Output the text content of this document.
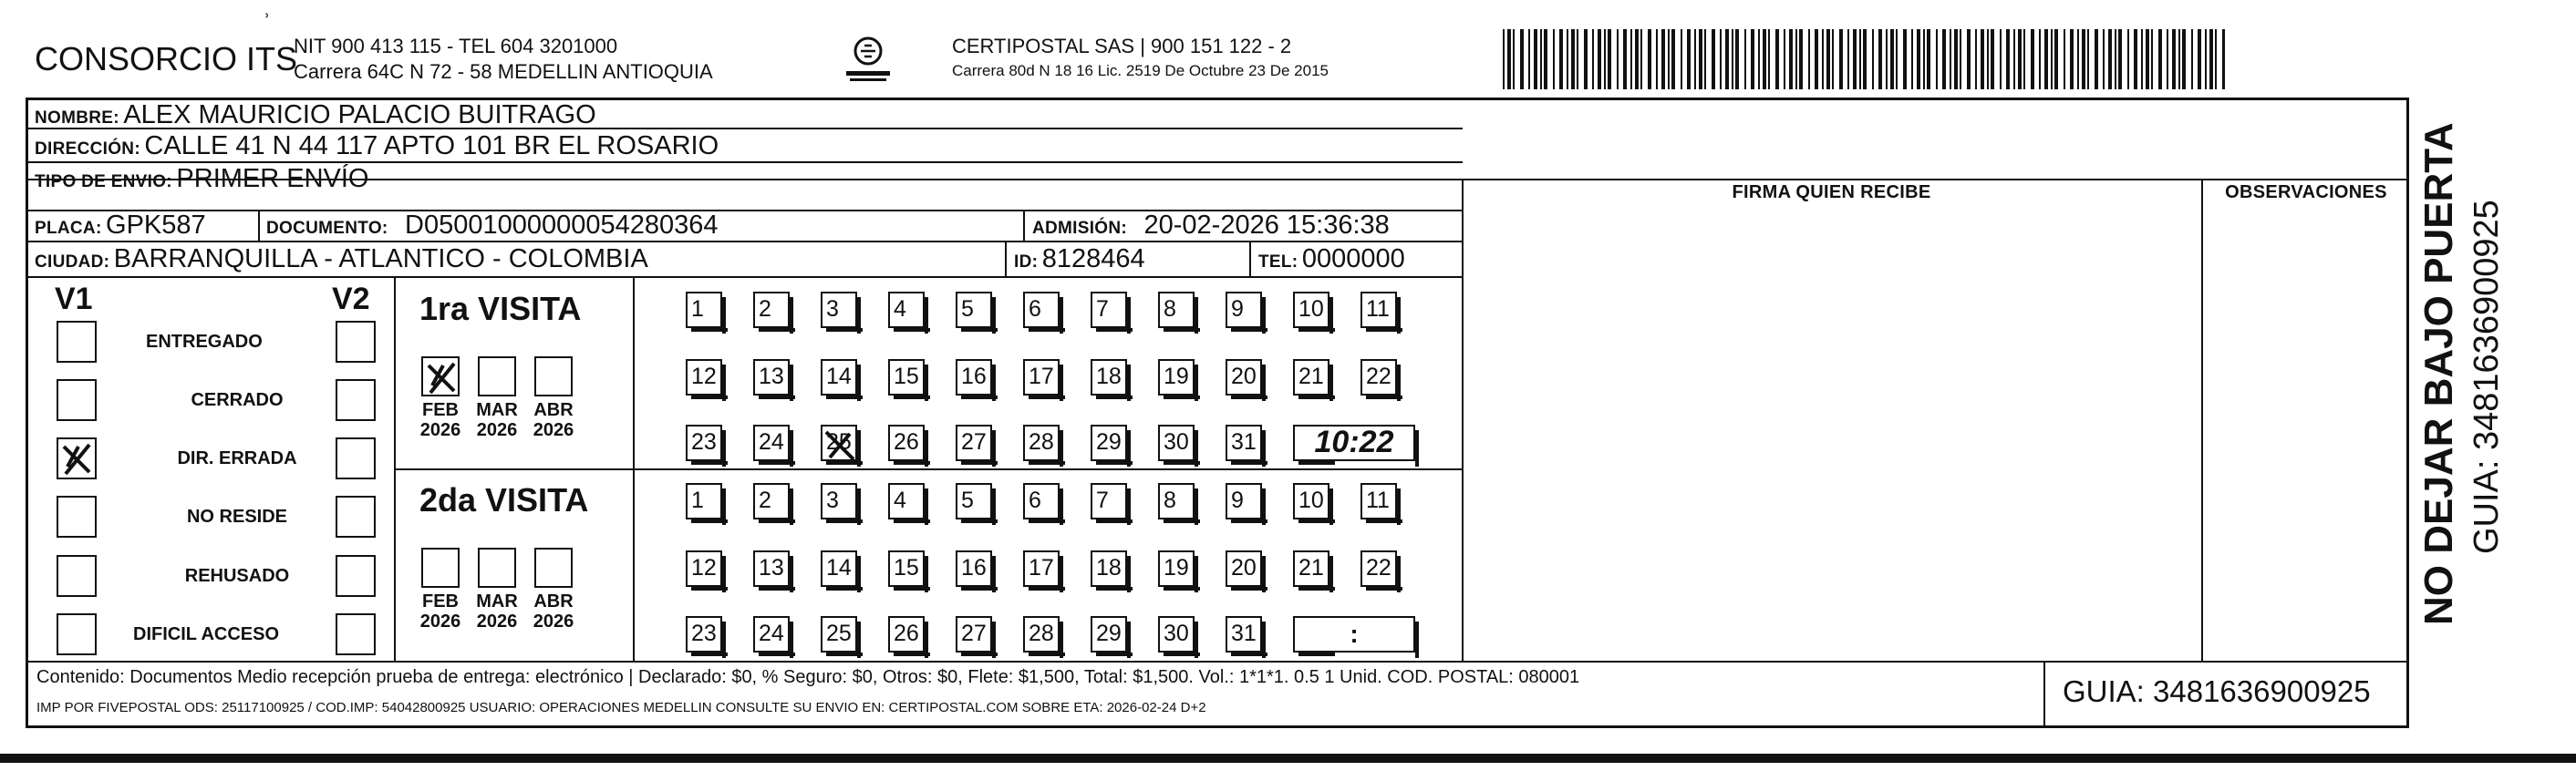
CONSORCIO ITS
ʾ
NIT 900 413 115 - TEL 604 3201000
Carrera 64C N 72 - 58 MEDELLIN ANTIOQUIA
CERTIPOSTAL SAS | 900 151 122 - 2
Carrera 80d N 18 16 Lic. 2519 De Octubre 23 De 2015
NOMBRE: ALEX MAURICIO PALACIO BUITRAGO
DIRECCIÓN: CALLE 41 N 44 117 APTO 101 BR EL ROSARIO
TIPO DE ENVIO: PRIMER ENVÍO
PLACA: GPK587	DOCUMENTO: D05001000000054280364	ADMISIÓN: 20-02-2026 15:36:38
CIUDAD: BARRANQUILLA - ATLANTICO - COLOMBIA	ID: 8128464	TEL: 0000000
FIRMA QUIEN RECIBE	OBSERVACIONES
V1	V2
ENTREGADO
CERRADO
DIR. ERRADA
NO RESIDE
REHUSADO
DIFICIL ACCESO
1ra VISITA
2da VISITA
FEB
2026
MAR
2026
ABR
2026
FEB
2026
MAR
2026
ABR
2026
1	2	3	4	5	6	7	8	9	10 11
12 13 14 15 16 17 18 19 20 21 22
23 24 25 26 27 28 29 30 31	10:22
1	2	3	4	5	6	7	8	9	10 11
12 13 14 15 16 17 18 19 20 21 22
23 24 25 26 27 28 29 30 31	:
Contenido: Documentos Medio recepción prueba de entrega: electrónico | Declarado: $0, % Seguro: $0, Otros: $0, Flete: $1,500, Total: $1,500. Vol.: 1*1*1. 0.5 1 Unid. COD. POSTAL: 080001
IMP POR FIVEPOSTAL ODS: 25117100925 / COD.IMP: 54042800925 USUARIO: OPERACIONES MEDELLIN CONSULTE SU ENVIO EN: CERTIPOSTAL.COM SOBRE ETA: 2026-02-24 D+2	GUIA: 3481636900925
NO DEJAR BAJO PUERTA GUIA: 3481636900925
